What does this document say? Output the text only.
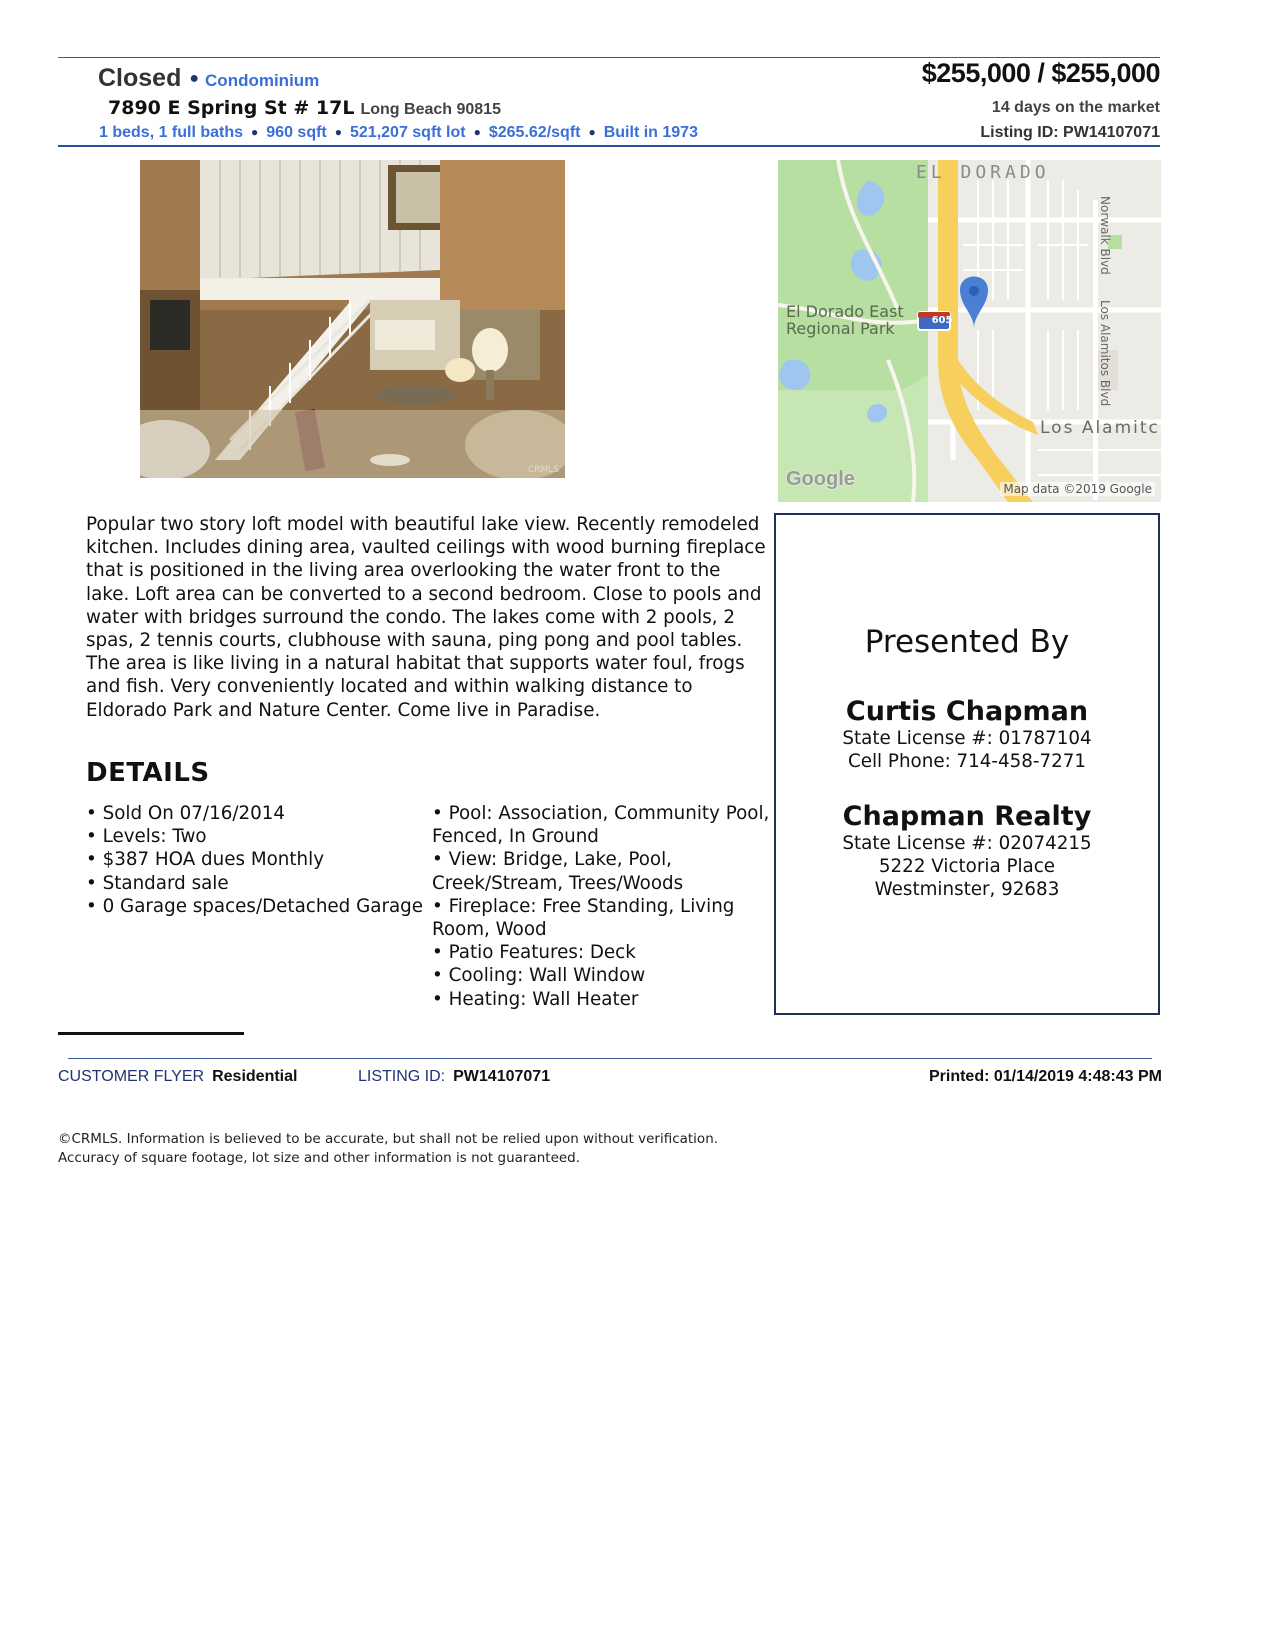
Closed ● Condominium	$255,000 / $255,000
7890 E Spring St # 17L Long Beach 90815	14 days on the market
1 beds, 1 full baths ● 960 sqft ● 521,207 sqft lot ● $265.62/sqft ● Built in 1973	Listing ID: PW14107071
CRMLS
605
EL DORADO
El Dorado East
Regional Park
Los Alamitc
Norwalk Blvd
Los Alamitos Blvd
Google	Map data ©2019 Google
Popular two story loft model with beautiful lake view. Recently remodeled kitchen. Includes dining area, vaulted ceilings with wood burning fireplace that is positioned in the living area overlooking the water front to the lake. Loft area can be converted to a second bedroom. Close to pools and water with bridges surround the condo. The lakes come with 2 pools, 2 spas, 2 tennis courts, clubhouse with sauna, ping pong and pool tables. The area is like living in a natural habitat that supports water foul, frogs and fish. Very conveniently located and within walking distance to Eldorado Park and Nature Center. Come live in Paradise.
DETAILS
• Sold On 07/16/2014
• Levels: Two
• $387 HOA dues Monthly
• Standard sale
• 0 Garage spaces/Detached Garage
• Pool: Association, Community Pool, Fenced, In Ground
• View: Bridge, Lake, Pool, Creek/Stream, Trees/Woods
• Fireplace: Free Standing, Living Room, Wood
• Patio Features: Deck
• Cooling: Wall Window
• Heating: Wall Heater
Presented By
Curtis Chapman
State License #: 01787104
Cell Phone: 714-458-7271
Chapman Realty
State License #: 02074215
5222 Victoria Place
Westminster, 92683
CUSTOMER FLYER Residential	LISTING ID: PW14107071	Printed: 01/14/2019 4:48:43 PM
©CRMLS. Information is believed to be accurate, but shall not be relied upon without verification.
Accuracy of square footage, lot size and other information is not guaranteed.
